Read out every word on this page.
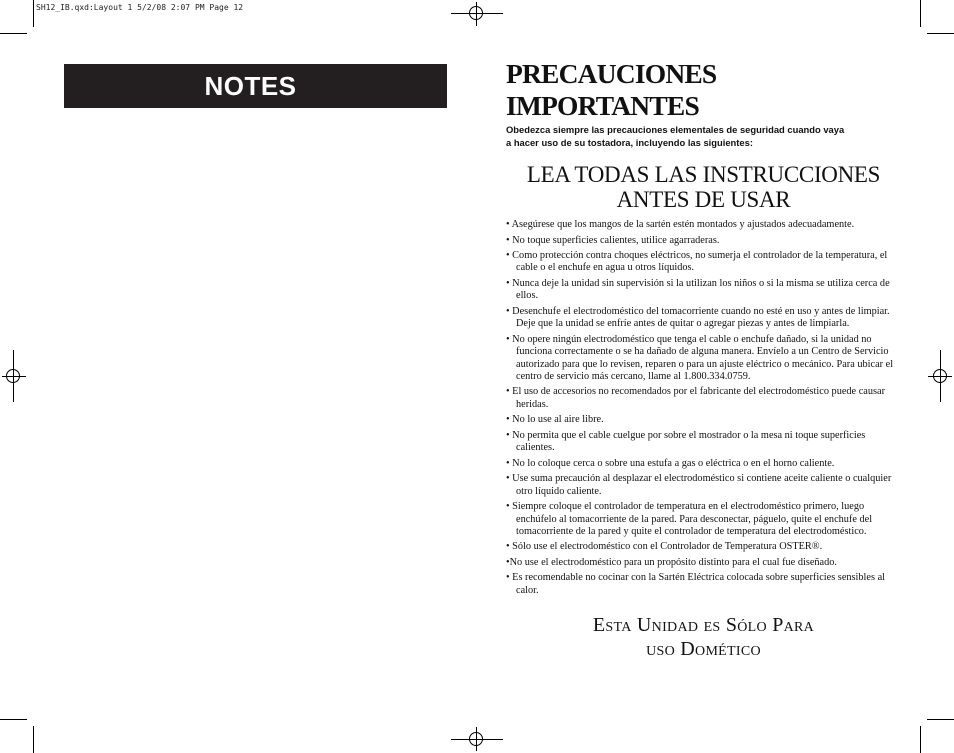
SH12_IB.qxd:Layout 1 5/2/08 2:07 PM Page 12
NOTES	PRECAUCIONES IMPORTANTES

Obedezca siempre las precauciones elementales de seguridad cuando vaya
a hacer uso de su tostadora, incluyendo las siguientes:

LEA TODAS LAS INSTRUCCIONES
ANTES DE USAR
• Asegúrese que los mangos de la sartén estén montados y ajustados adecuadamente.
• No toque superficies calientes, utilice agarraderas.
• Como protección contra choques eléctricos, no sumerja el controlador de la temperatura, el cable o el enchufe en agua u otros líquidos.
• Nunca deje la unidad sin supervisión si la utilizan los niños o si la misma se utiliza cerca de ellos.
• Desenchufe el electrodoméstico del tomacorriente cuando no esté en uso y antes de limpiar. Deje que la unidad se enfríe antes de quitar o agregar piezas y antes de limpiarla.
• No opere ningún electrodoméstico que tenga el cable o enchufe dañado, si la unidad no funciona correctamente o se ha dañado de alguna manera. Envíelo a un Centro de Servicio autorizado para que lo revisen, reparen o para un ajuste eléctrico o mecánico. Para ubicar el centro de servicio más cercano, llame al 1.800.334.0759.
• El uso de accesorios no recomendados por el fabricante del electrodoméstico puede causar heridas.
• No lo use al aire libre.
• No permita que el cable cuelgue por sobre el mostrador o la mesa ni toque superficies calientes.
• No lo coloque cerca o sobre una estufa a gas o eléctrica o en el horno caliente.
• Use suma precaución al desplazar el electrodoméstico si contiene aceite caliente o cualquier otro líquido caliente.
• Siempre coloque el controlador de temperatura en el electrodoméstico primero, luego enchúfelo al tomacorriente de la pared. Para desconectar, páguelo, quite el enchufe del tomacorriente de la pared y quite el controlador de temperatura del electrodoméstico.
• Sólo use el electrodoméstico con el Controlador de Temperatura OSTER®.
•No use el electrodoméstico para un propósito distinto para el cual fue diseñado.
• Es recomendable no cocinar con la Sartén Eléctrica colocada sobre superficies sensibles al calor.
Esta Unidad es Sólo Para
uso Domético
